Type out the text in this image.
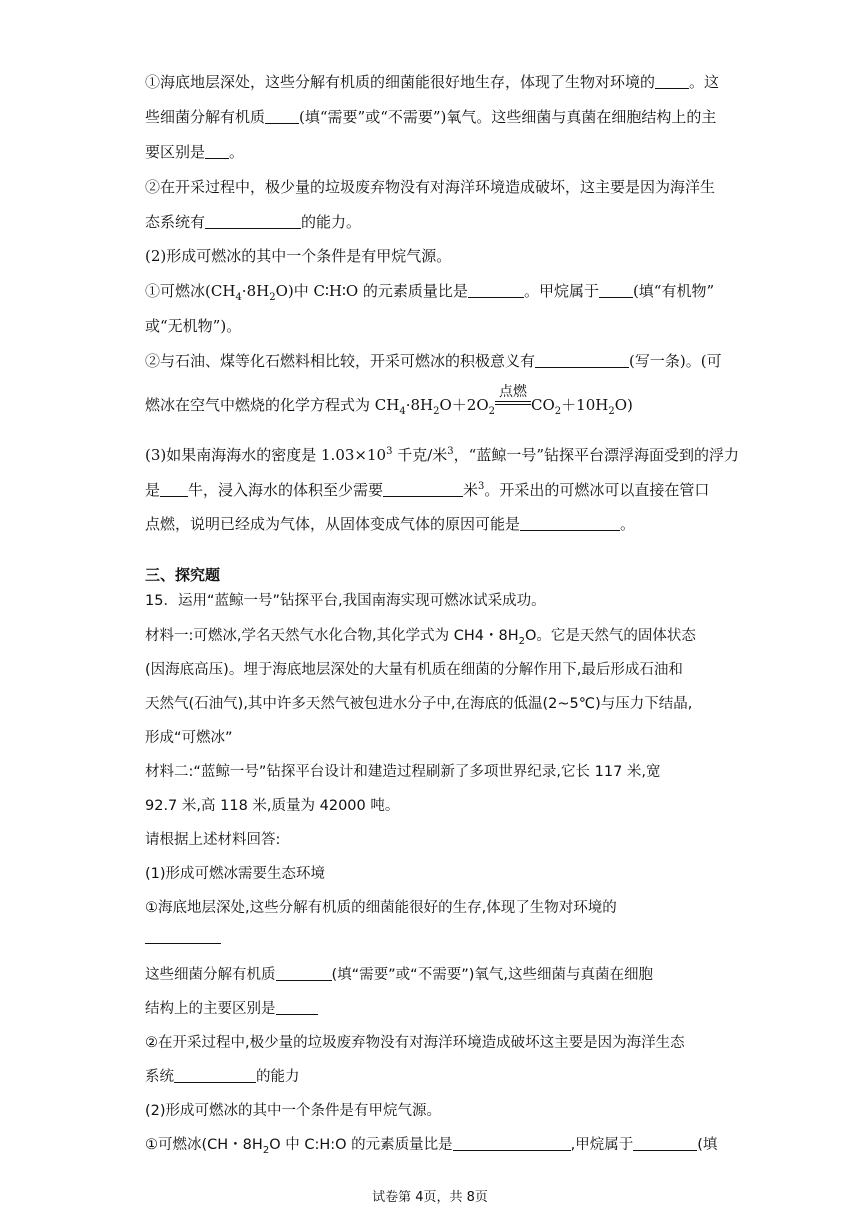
①海底地层深处，这些分解有机质的细菌能很好地生存，体现了生物对环境的 。这
些细菌分解有机质 (填“需要”或“不需要”)氧气。这些细菌与真菌在细胞结构上的主
要区别是 。
②在开采过程中，极少量的垃圾废弃物没有对海洋环境造成破坏，这主要是因为海洋生
态系统有	的能力。
(2)形成可燃冰的其中一个条件是有甲烷气源。
①可燃冰$(CH_4\cdot 8H_2O)$中 C∶H∶O 的元素质量比是	。甲烷属于 (填“有机物”
或“无机物”)。
②与石油、煤等化石燃料相比较，开采可燃冰的积极意义有	(写一条)。(可
燃冰在空气中燃烧的化学方程式为 $CH_4\cdot 8H_2O+2O_2$
点燃
$CO_2+10H_2O$)
(3)如果南海海水的密度是 $1.03\times 10^3$ 千克/米$^3$，“蓝鲸一号”钻探平台漂浮海面受到的浮力
是 牛，浸入海水的体积至少需要	米$^3$。开采出的可燃冰可以直接在管口
点燃，说明已经成为气体，从固体变成气体的原因可能是	。
三、探究题
15．运用“蓝鲸一号”钻探平台,我国南海实现可燃冰试采成功。
材料一:可燃冰,学名天然气水化合物,其化学式为 CH4・$8H_2O$。它是天然气的固体状态
(因海底高压)。埋于海底地层深处的大量有机质在细菌的分解作用下,最后形成石油和
天然气(石油气),其中许多天然气被包进水分子中,在海底的低温(2~5℃)与压力下结晶,
形成“可燃冰”
材料二:“蓝鲸一号”钻探平台设计和建造过程刷新了多项世界纪录,它长 117 米,宽
92.7 米,高 118 米,质量为 42000 吨。
请根据上述材料回答:
(1)形成可燃冰需要生态环境
①海底地层深处,这些分解有机质的细菌能很好的生存,体现了生物对环境的
这些细菌分解有机质	(填“需要”或“不需要”)氧气,这些细菌与真菌在细胞
结构上的主要区别是
②在开采过程中,极少量的垃圾废弃物没有对海洋环境造成破坏这主要是因为海洋生态
系统	的能力
(2)形成可燃冰的其中一个条件是有甲烷气源。
①可燃冰(CH・$8H_2O$ 中 C:H:O 的元素质量比是	,甲烷属于	(填
试卷第 4页，共 8页
